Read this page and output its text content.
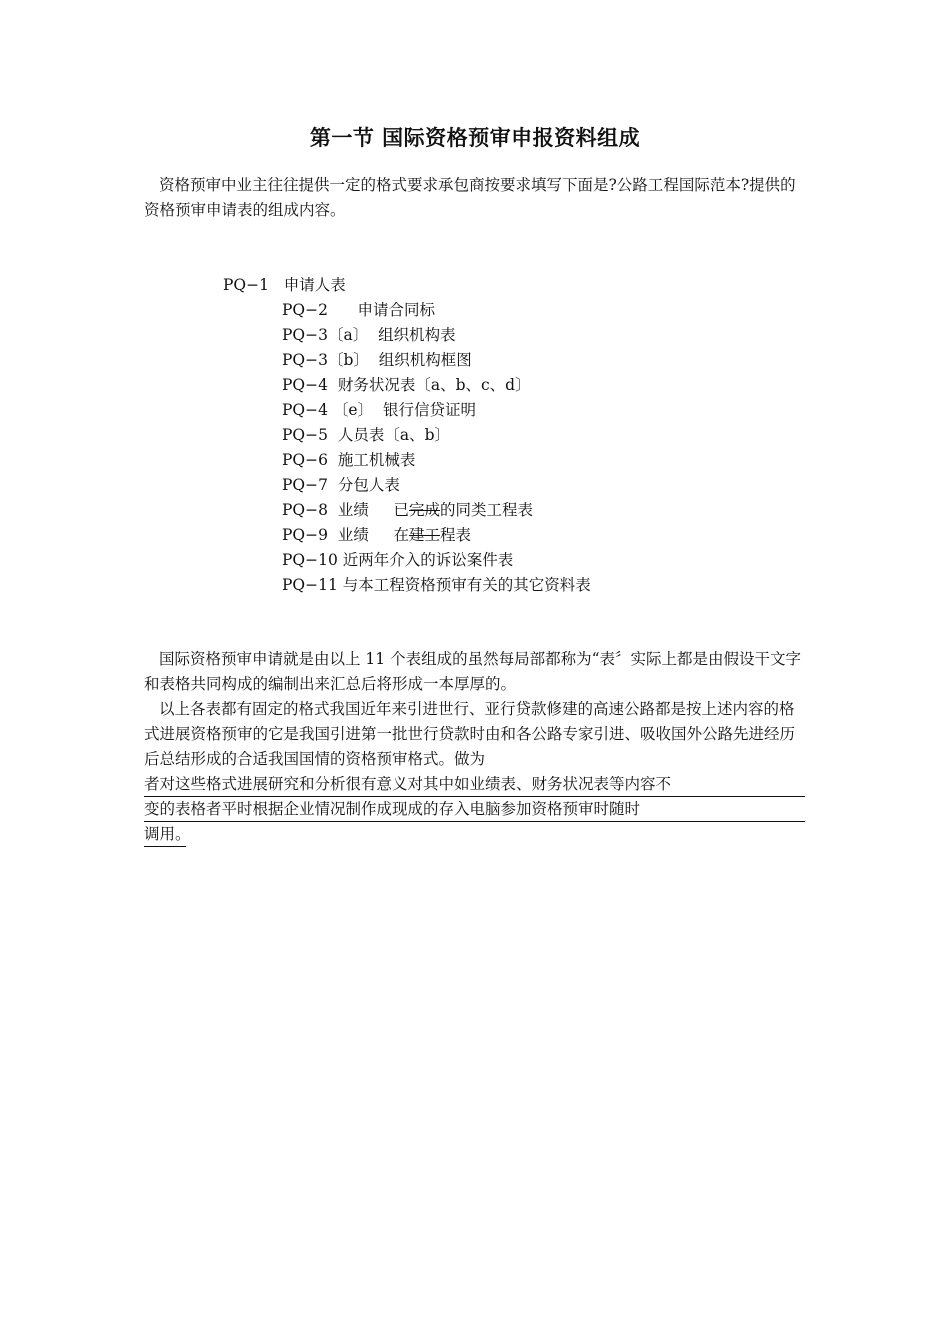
第一节 国际资格预审申报资料组成
资格预审中业主往往提供一定的格式要求承包商按要求填写下面是?公路工程国际范本?提供的资格预审申请表的组成内容。
PQ−1   申请人表
PQ−2      申请合同标
PQ−3〔a〕  组织机构表
PQ−3〔b〕  组织机构框图
PQ−4  财务状况表〔a、b、c、d〕
PQ−4 〔e〕  银行信贷证明
PQ−5  人员表〔a、b〕
PQ−6  施工机械表
PQ−7  分包人表
PQ−8  业绩     已完成的同类工程表
PQ−9  业绩     在建工程表
PQ−10 近两年介入的诉讼案件表
PQ−11 与本工程资格预审有关的其它资料表
国际资格预审申请就是由以上 11 个表组成的虽然每局部都称为“表〞实际上都是由假设干文字和表格共同构成的编制出来汇总后将形成一本厚厚的。
以上各表都有固定的格式我国近年来引进世行、亚行贷款修建的高速公路都是按上述内容的格式进展资格预审的它是我国引进第一批世行贷款时由和各公路专家引进、吸收国外公路先进经历后总结形成的合适我国国情的资格预审格式。做为
者对这些格式进展研究和分析很有意义对其中如业绩表、财务状况表等内容不
变的表格者平时根据企业情况制作成现成的存入电脑参加资格预审时随时
调用。
